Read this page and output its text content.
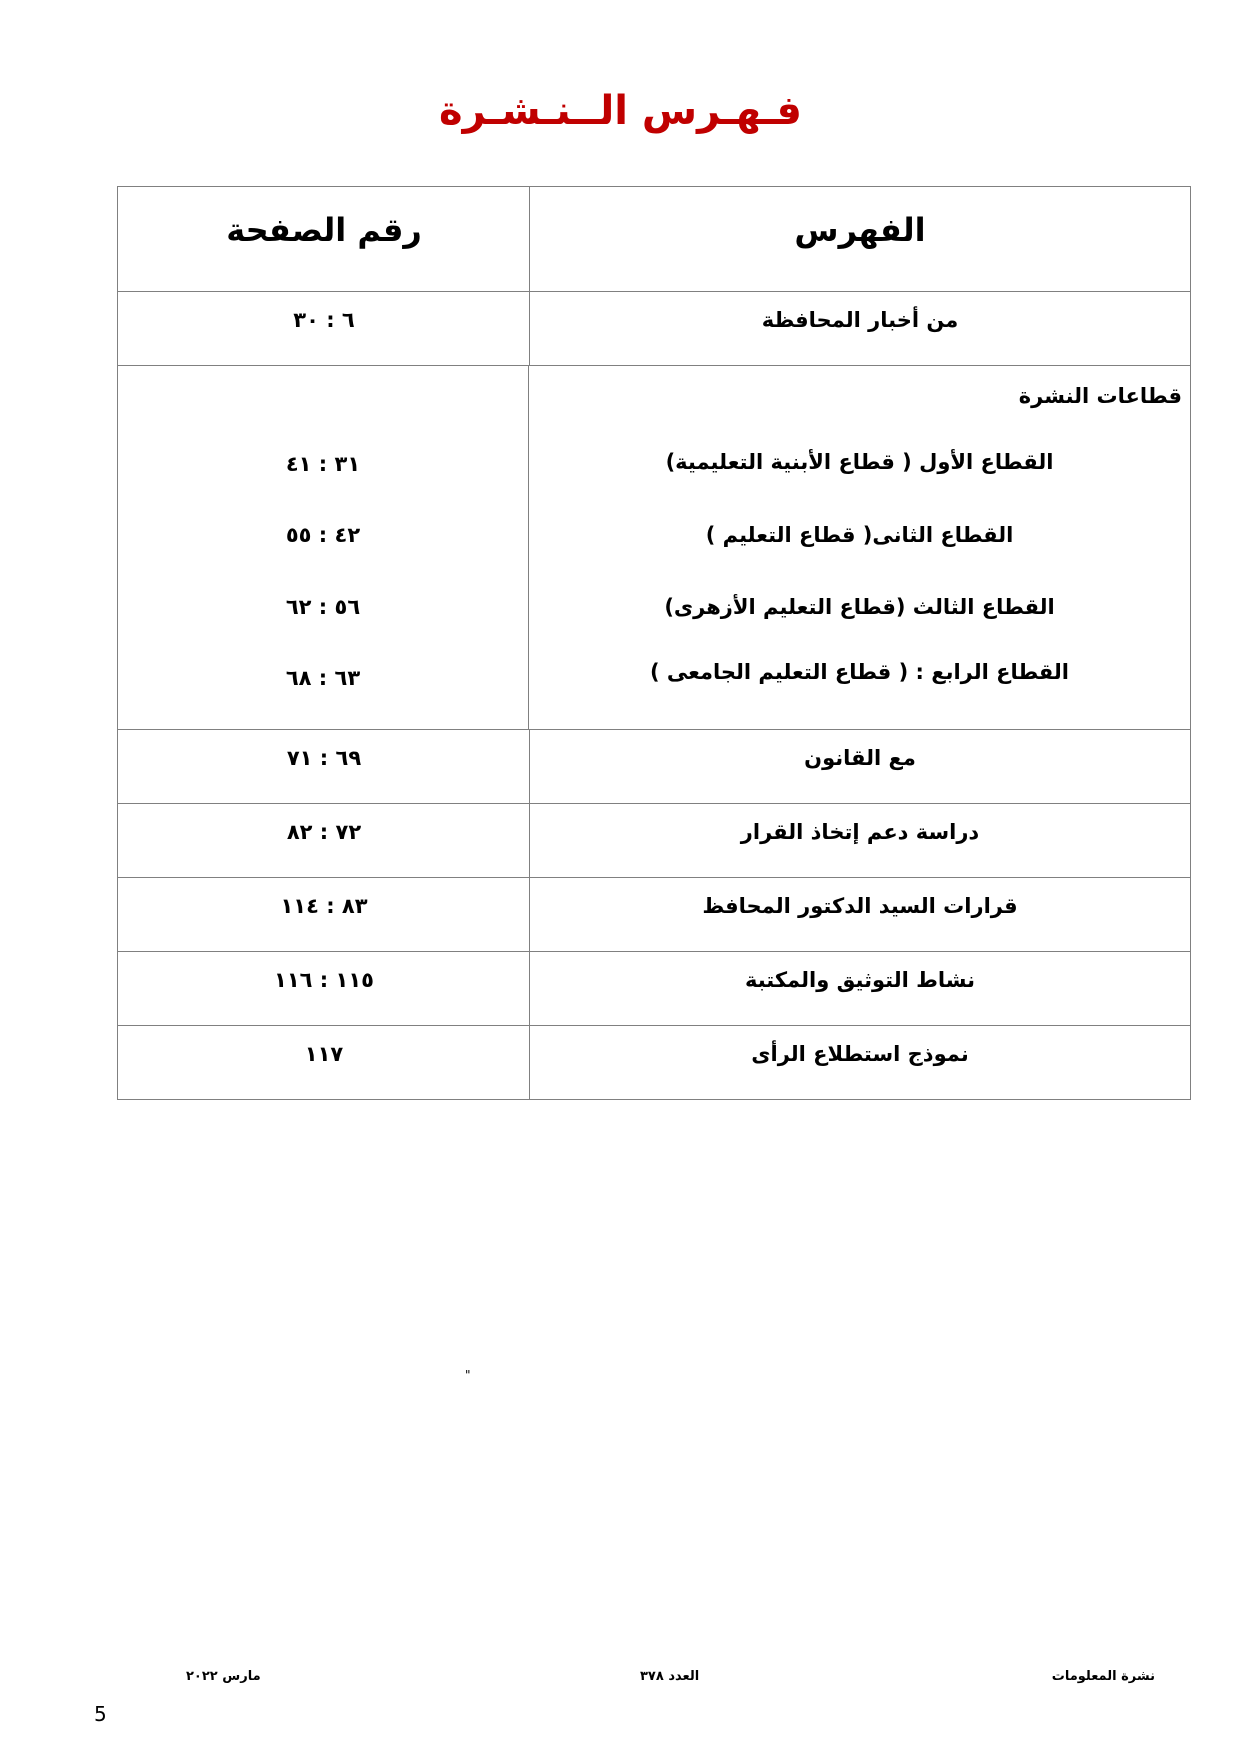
فـهـرس الــنـشـرة
الفهرس
رقم الصفحة
من أخبار المحافظة
٦ : ٣٠
قطاعات النشرة
القطاع الأول ( قطاع الأبنية التعليمية)
القطاع الثانى( قطاع التعليم )
القطاع الثالث (قطاع التعليم الأزهرى)
القطاع الرابع : ( قطاع التعليم الجامعى )
٣١ : ٤١
٤٢ : ٥٥
٥٦ : ٦٢
٦٣ : ٦٨
مع القانون
٦٩ : ٧١
دراسة دعم إتخاذ القرار
٧٢ : ٨٢
قرارات السيد الدكتور المحافظ
٨٣ : ١١٤
نشاط التوثيق والمكتبة
١١٥ : ١١٦
نموذج استطلاع الرأى
١١٧
"
نشرة المعلومات
العدد ٣٧٨
مارس ٢٠٢٢
5
